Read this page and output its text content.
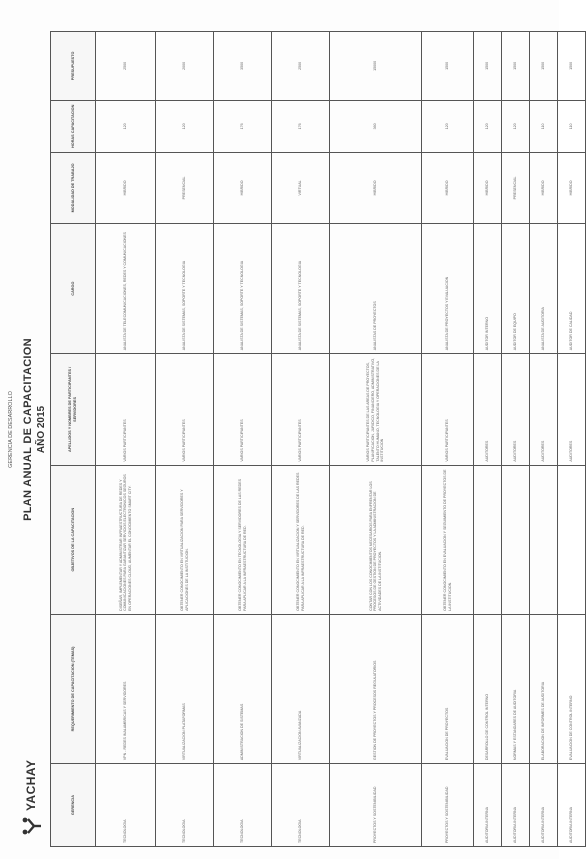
YACHAY
GERENCIA DE DESARROLLO PLAN ANUAL DE CAPACITACION AÑO 2015
GERENCIA	REQUERIMIENTO DE CAPACITACION (TEMAS)	OBJETIVOS DE LA CAPACITACION	APELLIDOS Y NOMBRES DE PARTICIPANTES / SERVIDORES	CARGO	MODALIDAD DE TRABAJO	HORAS CAPACITACION	PRESUPUESTO
TECNOLOGIA	VPN - REDES INALAMBRICAS Y SERVIDORES	DISEÑAR, IMPLEMENTAR Y ADMINISTRAR INFRAESTRUCTURA DE REDES Y COMUNICACIONES PARA GARANTIZAR SERVICIOS ELECTRONICOS SEGUROS EN OPERACIONES CLOUD, AUMENTAR EL CONOCIMIENTO SMART CITY.	VARIOS PARTICIPANTES	ANALISTA DE TELECOMUNICACIONES, REDES Y COMUNICACIONES	HIBRIDO	120	2500
TECNOLOGIA	VIRTUALIZACION PLATAFORMAS	OBTENER CONOCIMIENTO EN VIRTUALIZACION PARA SERVIDORES Y APLICACIONES DE LA INSTITUCION.	VARIOS PARTICIPANTES	ANALISTA DE SISTEMAS, SOPORTE Y TECNOLOGIA	PRESENCIAL	120	2000
TECNOLOGIA	ADMINISTRACION DE SISTEMAS	OBTENER CONOCIMIENTO EN TECNOLOGIA Y SERVIDORES DE LAS REDES PARA APLICAR A LA INFRAESTRUCTURA DE RED.	VARIOS PARTICIPANTES	ANALISTA DE SISTEMAS, SOPORTE Y TECNOLOGIA	HIBRIDO	176	3500
TECNOLOGIA	VIRTUALIZACION AVANZADA	OBTENER CONOCIMIENTO EN VIRTUALIZACION Y SERVIDORES DE LAS REDES PARA APLICAR A LA INFRAESTRUCTURA DE RED.	VARIOS PARTICIPANTES	ANALISTA DE SISTEMAS, SOPORTE Y TECNOLOGIA	VIRTUAL	176	2500
PROYECTOS Y SOSTENIBILIDAD	GESTION DE PROYECTOS Y PROCESOS REGULATORIOS	CONTAR CON LOS CONOCIMIENTOS NECESARIOS PARA ENFRENTAR LOS PROCESOS DE GESTION DE PROYECTOS Y LA ADMINISTRACION DE ACTIVIDADES DE LA INSTITUCION.	VARIOS PARTICIPANTES DE LAS AREAS DE PROYECTOS, PLANIFICACION, JURIDICO, FINANCIERO, ADMINISTRATIVO, TALENTO HUMANO, TECNOLOGIA Y OPERACIONES DE LA INSTITUCION	ANALISTAS DE PROYECTOS	HIBRIDO	360	15000
PROYECTOS Y SOSTENIBILIDAD	EVALUACION DE PROYECTOS	OBTENER CONOCIMIENTO EN EVALUACION Y SEGUIMIENTO DE PROYECTOS DE LA INSTITUCION.	VARIOS PARTICIPANTES	ANALISTA DE PROYECTOS Y EVALUACION	HIBRIDO	120	1500
AUDITORIA INTERNA	DESARROLLO DE CONTROL INTERNO		AUDITORES	AUDITOR INTERNO	HIBRIDO	120	1500
AUDITORIA INTERNA	NORMAS Y ESTANDARES DE AUDITORIA		AUDITORES	AUDITOR DE EQUIPO	PRESENCIAL	120	1500
AUDITORIA INTERNA	ELABORACION DE INFORMES DE AUDITORIA		AUDITORES	ANALISTA DE AUDITORIA	HIBRIDO	110	1500
AUDITORIA INTERNA	EVALUACION DE CONTROL INTERNO		AUDITORES	AUDITOR DE CALIDAD	HIBRIDO	110	1500
